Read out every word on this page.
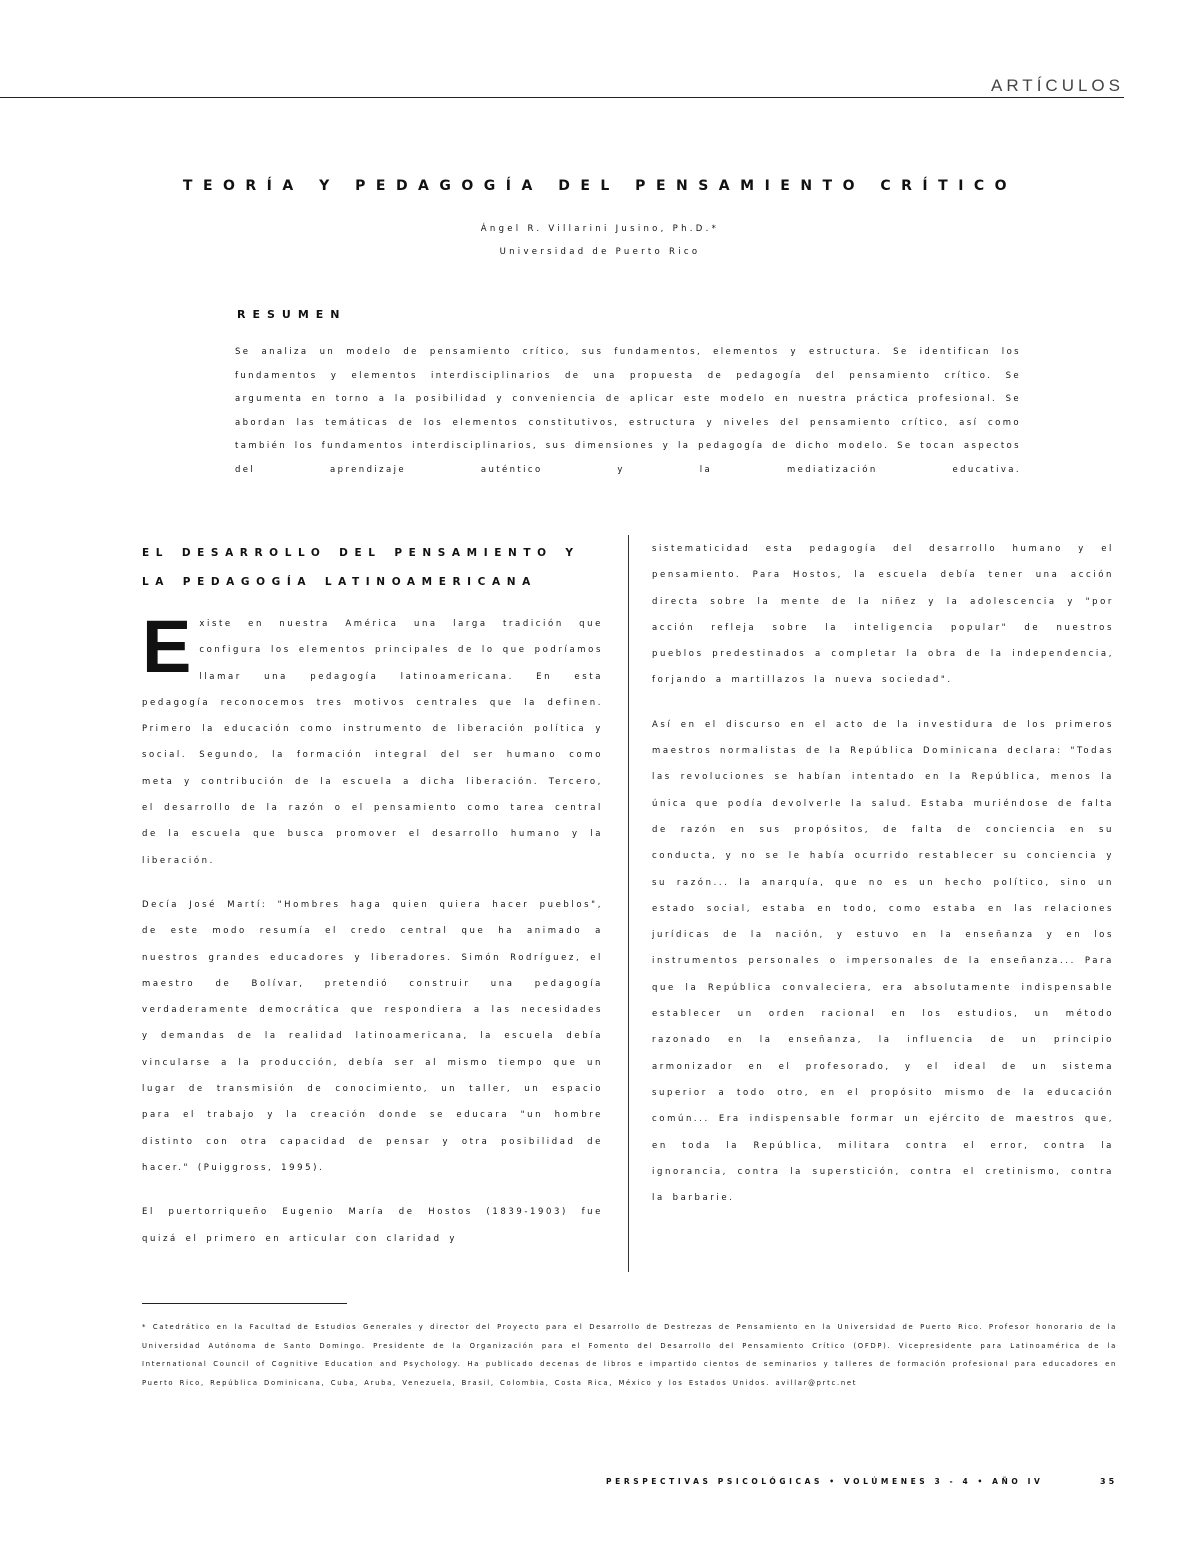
ARTÍCULOS
TEORÍA Y PEDAGOGÍA DEL PENSAMIENTO CRÍTICO
Ángel R. Villarini Jusino, Ph.D.*
Universidad de Puerto Rico
RESUMEN
Se analiza un modelo de pensamiento crítico, sus fundamentos, elementos y estructura. Se identifican los fundamentos y elementos interdisciplinarios de una propuesta de pedagogía del pensamiento crítico. Se argumenta en torno a la posibilidad y conveniencia de aplicar este modelo en nuestra práctica profesional. Se abordan las temáticas de los elementos constitutivos, estructura y niveles del pensamiento crítico, así como también los fundamentos interdisciplinarios, sus dimensiones y la pedagogía de dicho modelo. Se tocan aspectos del aprendizaje auténtico y la mediatización educativa.
EL DESARROLLO DEL PENSAMIENTO Y
LA PEDAGOGÍA LATINOAMERICANA

Existe en nuestra América una larga tradición que configura los elementos principales de lo que podríamos llamar una pedagogía latinoamericana. En esta pedagogía reconocemos tres motivos centrales que la definen. Primero la educación como instrumento de liberación política y social. Segundo, la formación integral del ser humano como meta y contribución de la escuela a dicha liberación. Tercero, el desarrollo de la razón o el pensamiento como tarea central de la escuela que busca promover el desarrollo humano y la liberación.

Decía José Martí: "Hombres haga quien quiera hacer pueblos", de este modo resumía el credo central que ha animado a nuestros grandes educadores y liberadores. Simón Rodríguez, el maestro de Bolívar, pretendió construir una pedagogía verdaderamente democrática que respondiera a las necesidades y demandas de la realidad latinoamericana, la escuela debía vincularse a la producción, debía ser al mismo tiempo que un lugar de transmisión de conocimiento, un taller, un espacio para el trabajo y la creación donde se educara "un hombre distinto con otra capacidad de pensar y otra posibilidad de hacer." (Puiggross, 1995).

El puertorriqueño Eugenio María de Hostos (1839-1903) fue quizá el primero en articular con claridad y

sistematicidad esta pedagogía del desarrollo humano y el pensamiento. Para Hostos, la escuela debía tener una acción directa sobre la mente de la niñez y la adolescencia y "por acción refleja sobre la inteligencia popular" de nuestros pueblos predestinados a completar la obra de la independencia, forjando a martillazos la nueva sociedad".

Así en el discurso en el acto de la investidura de los primeros maestros normalistas de la República Dominicana declara: "Todas las revoluciones se habían intentado en la República, menos la única que podía devolverle la salud. Estaba muriéndose de falta de razón en sus propósitos, de falta de conciencia en su conducta, y no se le había ocurrido restablecer su conciencia y su razón... la anarquía, que no es un hecho político, sino un estado social, estaba en todo, como estaba en las relaciones jurídicas de la nación, y estuvo en la enseñanza y en los instrumentos personales o impersonales de la enseñanza... Para que la República convaleciera, era absolutamente indispensable establecer un orden racional en los estudios, un método razonado en la enseñanza, la influencia de un principio armonizador en el profesorado, y el ideal de un sistema superior a todo otro, en el propósito mismo de la educación común... Era indispensable formar un ejército de maestros que, en toda la República, militara contra el error, contra la ignorancia, contra la superstición, contra el cretinismo, contra la barbarie.

* Catedrático en la Facultad de Estudios Generales y director del Proyecto para el Desarrollo de Destrezas de Pensamiento en la Universidad de Puerto Rico. Profesor honorario de la Universidad Autónoma de Santo Domingo. Presidente de la Organización para el Fomento del Desarrollo del Pensamiento Crítico (OFDP). Vicepresidente para Latinoamérica de la International Council of Cognitive Education and Psychology. Ha publicado decenas de libros e impartido cientos de seminarios y talleres de formación profesional para educadores en Puerto Rico, República Dominicana, Cuba, Aruba, Venezuela, Brasil, Colombia, Costa Rica, México y los Estados Unidos. avillar@prtc.net
PERSPECTIVAS PSICOLÓGICAS • VOLÚMENES 3 - 4 • AÑO IV	35
